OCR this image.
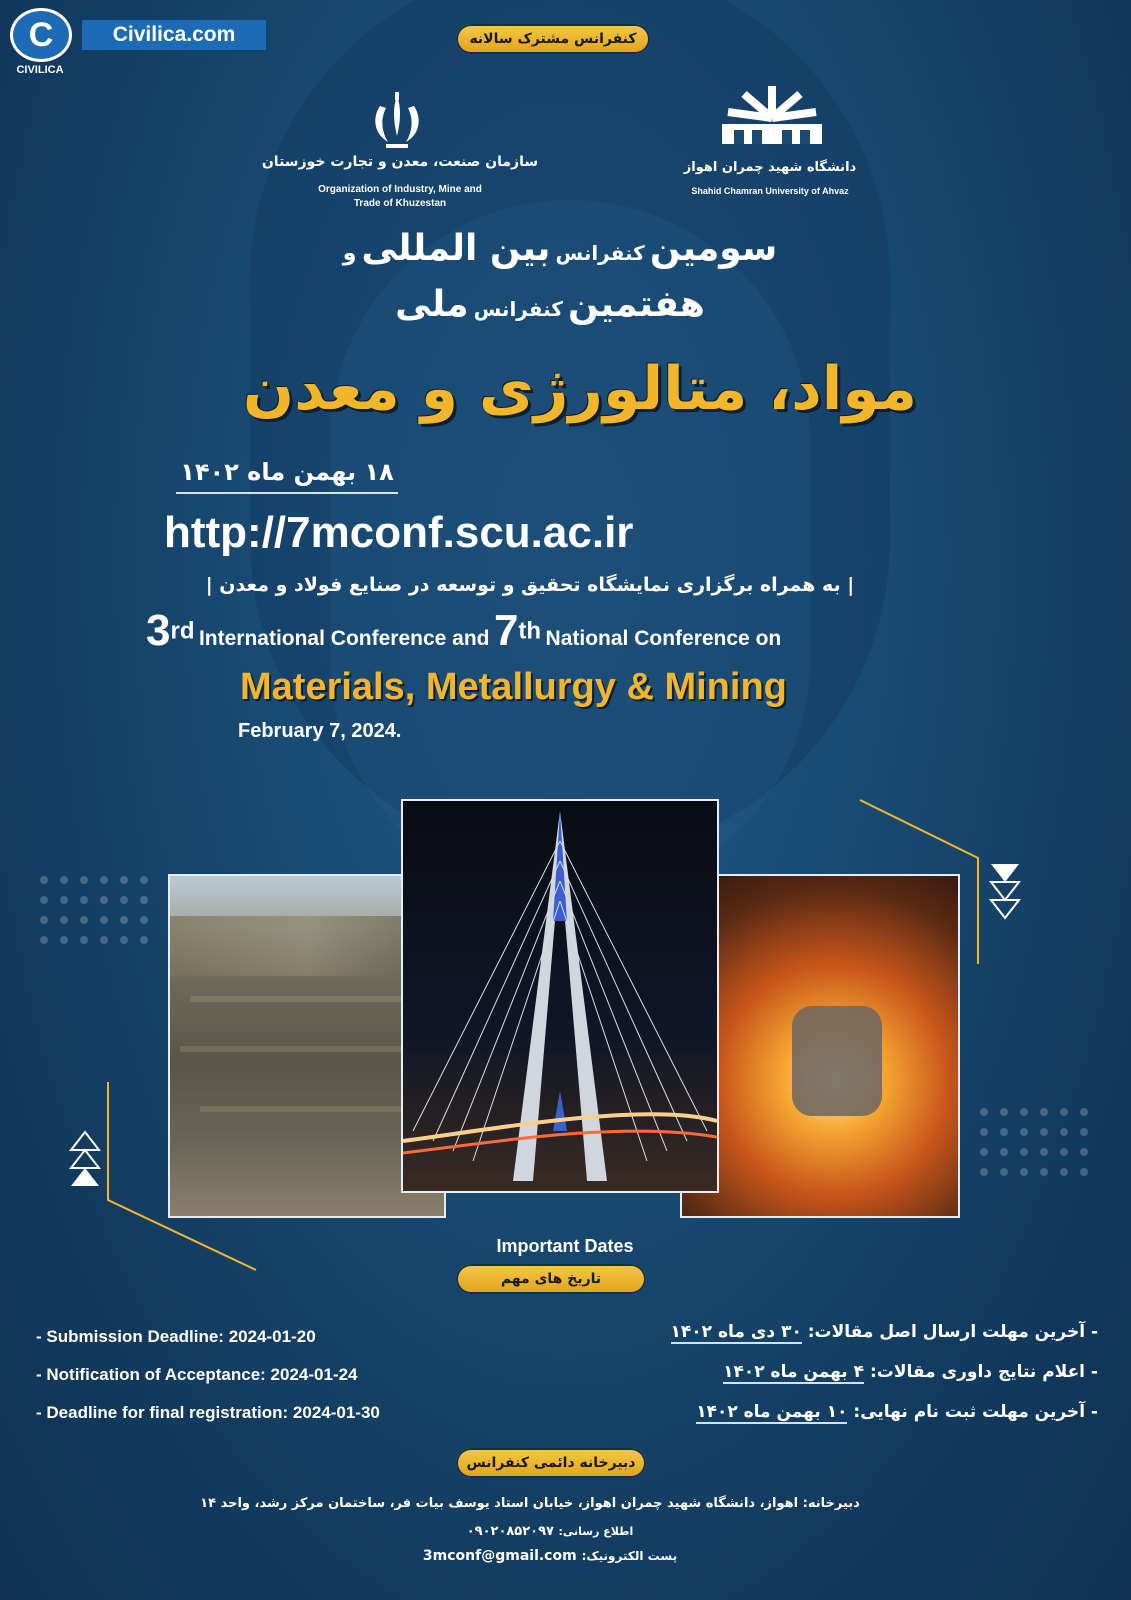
C
CIVILICA
Civilica.com	کنفرانس مشترک سالانه
سازمان صنعت، معدن و تجارت خوزستان
Organization of Industry, Mine and
Trade of Khuzestan
دانشگاه شهید چمران اهواز
Shahid Chamran University of Ahvaz
سومین کنفرانس بین المللی و
هفتمین کنفرانس ملی
مواد، متالورژی و معدن
۱۸ بهمن ماه ۱۴۰۲
http://7mconf.scu.ac.ir
| به همراه برگزاری نمایشگاه تحقیق و توسعه در صنایع فولاد و معدن |
3rd International Conference and 7th National Conference on
Materials, Metallurgy & Mining
February 7, 2024.
Important Dates
تاریخ های مهم
- Submission Deadline: 2024-01-20
- Notification of Acceptance: 2024-01-24
- Deadline for final registration: 2024-01-30
- آخرین مهلت ارسال اصل مقالات: ۳۰ دی ماه ۱۴۰۲
- اعلام نتایج داوری مقالات: ۴ بهمن ماه ۱۴۰۲
- آخرین مهلت ثبت نام نهایی: ۱۰ بهمن ماه ۱۴۰۲
دبیرخانه دائمی کنفرانس
دبیرخانه: اهواز، دانشگاه شهید چمران اهواز، خیابان استاد یوسف بیات فر، ساختمان مرکز رشد، واحد ۱۴
اطلاع رسانی: ۰۹۰۲۰۸۵۲۰۹۷
پست الکترونیک: 3mconf@gmail.com
